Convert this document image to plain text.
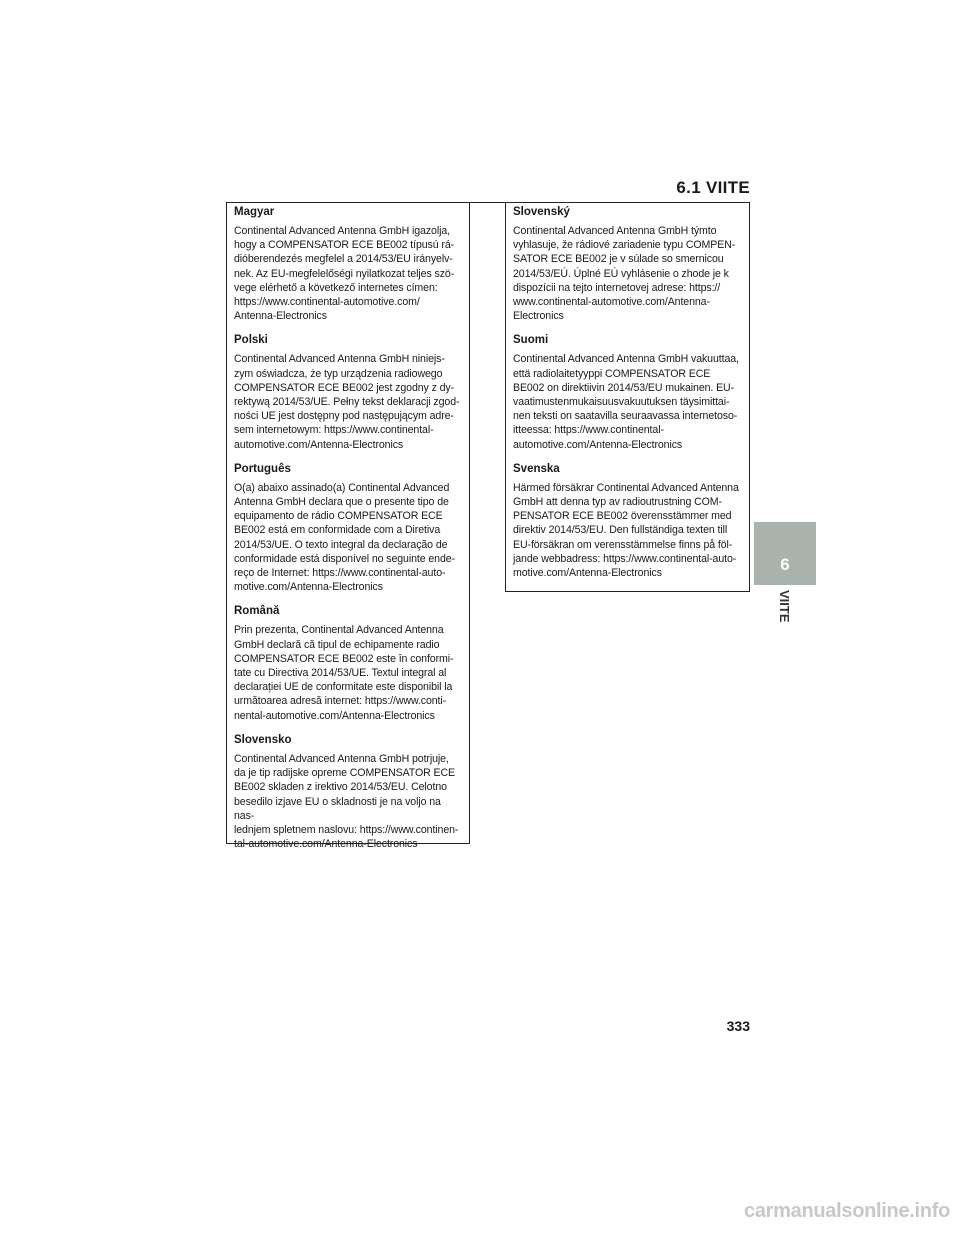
6.1 VIITE
Magyar
Continental Advanced Antenna GmbH igazolja,
hogy a COMPENSATOR ECE BE002 típusú rá-
dióberendezés megfelel a 2014/53/EU irányelv-
nek. Az EU-megfelelőségi nyilatkozat teljes szö-
vege elérhető a következő internetes címen:
https://www.continental-automotive.com/
Antenna-Electronics
Polski
Continental Advanced Antenna GmbH niniejs-
zym oświadcza, że typ urządzenia radiowego
COMPENSATOR ECE BE002 jest zgodny z dy-
rektywą 2014/53/UE. Pełny tekst deklaracji zgod-
ności UE jest dostępny pod następującym adre-
sem internetowym: https://www.continental-
automotive.com/Antenna-Electronics
Português
O(a) abaixo assinado(a) Continental Advanced
Antenna GmbH declara que o presente tipo de
equipamento de rádio COMPENSATOR ECE
BE002 está em conformidade com a Diretiva
2014/53/UE. O texto integral da declaração de
conformidade está disponível no seguinte ende-
reço de Internet: https://www.continental-auto-
motive.com/Antenna-Electronics
Română
Prin prezenta, Continental Advanced Antenna
GmbH declară că tipul de echipamente radio
COMPENSATOR ECE BE002 este în conformi-
tate cu Directiva 2014/53/UE. Textul integral al
declarației UE de conformitate este disponibil la
următoarea adresă internet: https://www.conti-
nental-automotive.com/Antenna-Electronics
Slovensko
Continental Advanced Antenna GmbH potrjuje,
da je tip radijske opreme COMPENSATOR ECE
BE002 skladen z irektivo 2014/53/EU. Celotno
besedilo izjave EU o skladnosti je na voljo na nas-
lednjem spletnem naslovu: https://www.continen-
tal-automotive.com/Antenna-Electronics
Slovenský
Continental Advanced Antenna GmbH týmto
vyhlasuje, že rádiové zariadenie typu COMPEN-
SATOR ECE BE002 je v súlade so smernicou
2014/53/EÚ. Úplné EÚ vyhlásenie o zhode je k
dispozícii na tejto internetovej adrese: https://
www.continental-automotive.com/Antenna-
Electronics
Suomi
Continental Advanced Antenna GmbH vakuuttaa,
että radiolaitetyyppi COMPENSATOR ECE
BE002 on direktiivin 2014/53/EU mukainen. EU-
vaatimustenmukaisuusvakuutuksen täysimittai-
nen teksti on saatavilla seuraavassa internetoso-
itteessa: https://www.continental-
automotive.com/Antenna-Electronics
Svenska
Härmed försäkrar Continental Advanced Antenna
GmbH att denna typ av radioutrustning COM-
PENSATOR ECE BE002 överensstämmer med
direktiv 2014/53/EU. Den fullständiga texten till
EU-försäkran om verensstämmelse finns på föl-
jande webbadress: https://www.continental-auto-
motive.com/Antenna-Electronics	6
VIITE
333
carmanualsonline.info
